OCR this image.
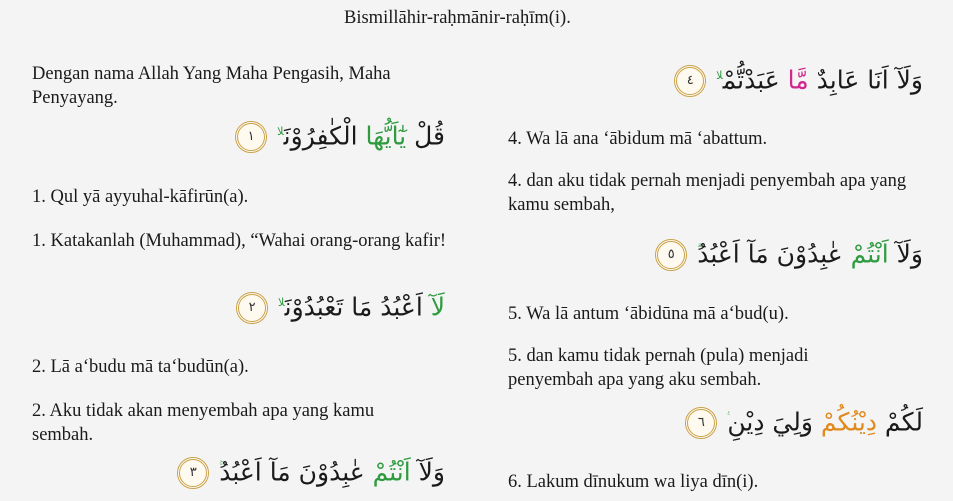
Bismillāhir-raḥmānir-raḥīm(i).
Dengan nama Allah Yang Maha Pengasih, Maha Penyayang.
قُلْ يٰٓاَيُّهَا الْكٰفِرُوْنَ$^{لا}$ ١
1. Qul yā ayyuhal-kāfirūn(a).
1. Katakanlah (Muhammad), “Wahai orang-orang kafir!
لَآ اَعْبُدُ مَا تَعْبُدُوْنَ$^{لا}$ ٢
2. Lā a‘budu mā ta‘budūn(a).
2. Aku tidak akan menyembah apa yang kamu sembah.
وَلَآ اَنْتُمْ عٰبِدُوْنَ مَآ اَعْبُدُ ٣
وَلَآ اَنَا عَابِدٌ مَّا عَبَدْتُّمْ$^{لا}$ ٤
4. Wa lā ana ‘ābidum mā ‘abattum.
4. dan aku tidak pernah menjadi penyembah apa yang kamu sembah,
وَلَآ اَنْتُمْ عٰبِدُوْنَ مَآ اَعْبُدُ ٥
5. Wa lā antum ‘ābidūna mā a‘bud(u).
5. dan kamu tidak pernah (pula) menjadi penyembah apa yang aku sembah.
لَكُمْ دِيْنُكُمْ وَلِيَ دِيْنِ ٦
6. Lakum dīnukum wa liya dīn(i).
